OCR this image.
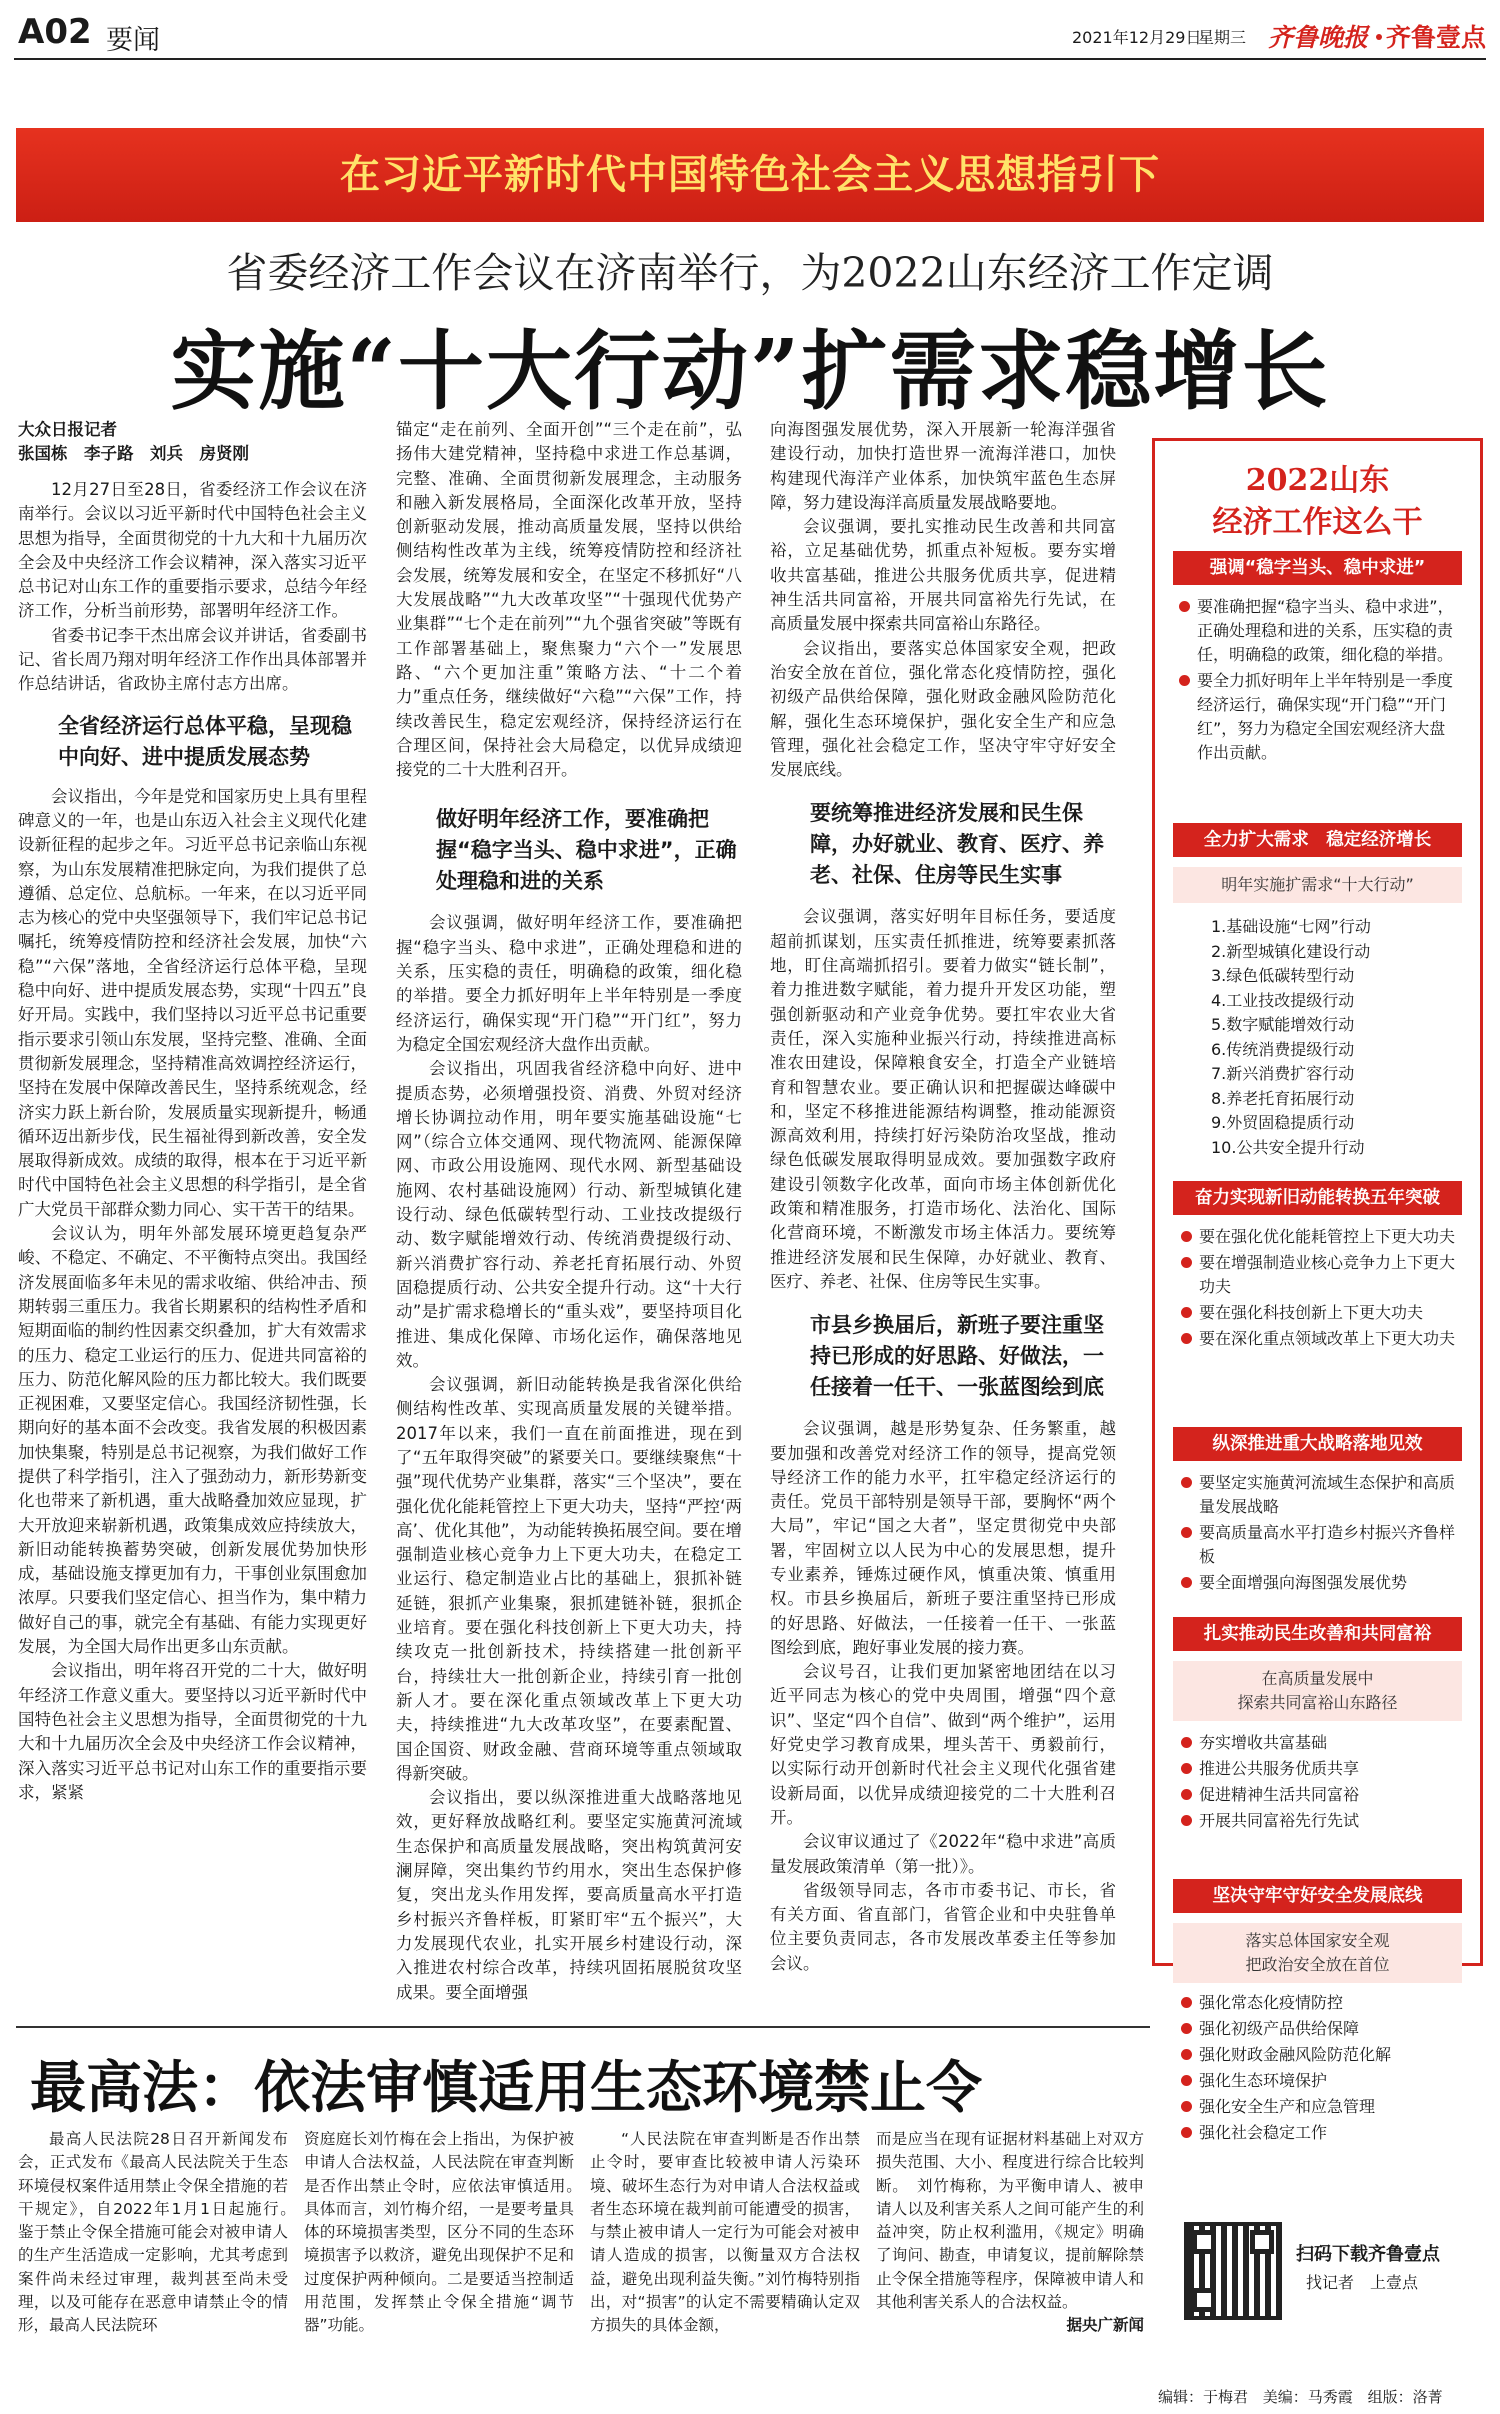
A02 要闻	2021年12月29日
星期三 齐鲁晚报 齐鲁壹点
在习近平新时代中国特色社会主义思想指引下
省委经济工作会议在济南举行，为2022山东经济工作定调
实施“十大行动”扩需求稳增长
大众日报记者
张国栋　李子路　刘兵　房贤刚

12月27日至28日，省委经济工作会议在济南举行。会议以习近平新时代中国特色社会主义思想为指导，全面贯彻党的十九大和十九届历次全会及中央经济工作会议精神，深入落实习近平总书记对山东工作的重要指示要求，总结今年经济工作，分析当前形势，部署明年经济工作。

省委书记李干杰出席会议并讲话，省委副书记、省长周乃翔对明年经济工作作出具体部署并作总结讲话，省政协主席付志方出席。

全省经济运行总体平稳，呈现稳中向好、进中提质发展态势

会议指出，今年是党和国家历史上具有里程碑意义的一年，也是山东迈入社会主义现代化建设新征程的起步之年。习近平总书记亲临山东视察，为山东发展精准把脉定向，为我们提供了总遵循、总定位、总航标。一年来，在以习近平同志为核心的党中央坚强领导下，我们牢记总书记嘱托，统筹疫情防控和经济社会发展，加快“六稳”“六保”落地，全省经济运行总体平稳，呈现稳中向好、进中提质发展态势，实现“十四五”良好开局。实践中，我们坚持以习近平总书记重要指示要求引领山东发展，坚持完整、准确、全面贯彻新发展理念，坚持精准高效调控经济运行，坚持在发展中保障改善民生，坚持系统观念，经济实力跃上新台阶，发展质量实现新提升，畅通循环迈出新步伐，民生福祉得到新改善，安全发展取得新成效。成绩的取得，根本在于习近平新时代中国特色社会主义思想的科学指引，是全省广大党员干部群众勠力同心、实干苦干的结果。

会议认为，明年外部发展环境更趋复杂严峻、不稳定、不确定、不平衡特点突出。我国经济发展面临多年未见的需求收缩、供给冲击、预期转弱三重压力。我省长期累积的结构性矛盾和短期面临的制约性因素交织叠加，扩大有效需求的压力、稳定工业运行的压力、促进共同富裕的压力、防范化解风险的压力都比较大。我们既要正视困难，又要坚定信心。我国经济韧性强，长期向好的基本面不会改变。我省发展的积极因素加快集聚，特别是总书记视察，为我们做好工作提供了科学指引，注入了强劲动力，新形势新变化也带来了新机遇，重大战略叠加效应显现，扩大开放迎来崭新机遇，政策集成效应持续放大，新旧动能转换蓄势突破，创新发展优势加快形成，基础设施支撑更加有力，干事创业氛围愈加浓厚。只要我们坚定信心、担当作为，集中精力做好自己的事，就完全有基础、有能力实现更好发展，为全国大局作出更多山东贡献。

会议指出，明年将召开党的二十大，做好明年经济工作意义重大。要坚持以习近平新时代中国特色社会主义思想为指导，全面贯彻党的十九大和十九届历次全会及中央经济工作会议精神，深入落实习近平总书记对山东工作的重要指示要求，紧紧

锚定“走在前列、全面开创”“三个走在前”，弘扬伟大建党精神，坚持稳中求进工作总基调，完整、准确、全面贯彻新发展理念，主动服务和融入新发展格局，全面深化改革开放，坚持创新驱动发展，推动高质量发展，坚持以供给侧结构性改革为主线，统筹疫情防控和经济社会发展，统筹发展和安全，在坚定不移抓好“八大发展战略”“九大改革攻坚”“十强现代优势产业集群”“七个走在前列”“九个强省突破”等既有工作部署基础上，聚焦聚力“六个一”发展思路、“六个更加注重”策略方法、“十二个着力”重点任务，继续做好“六稳”“六保”工作，持续改善民生，稳定宏观经济，保持经济运行在合理区间，保持社会大局稳定，以优异成绩迎接党的二十大胜利召开。

做好明年经济工作，要准确把握“稳字当头、稳中求进”，正确处理稳和进的关系

会议强调，做好明年经济工作，要准确把握“稳字当头、稳中求进”，正确处理稳和进的关系，压实稳的责任，明确稳的政策，细化稳的举措。要全力抓好明年上半年特别是一季度经济运行，确保实现“开门稳”“开门红”，努力为稳定全国宏观经济大盘作出贡献。

会议指出，巩固我省经济稳中向好、进中提质态势，必须增强投资、消费、外贸对经济增长协调拉动作用，明年要实施基础设施“七网”（综合立体交通网、现代物流网、能源保障网、市政公用设施网、现代水网、新型基础设施网、农村基础设施网）行动、新型城镇化建设行动、绿色低碳转型行动、工业技改提级行动、数字赋能增效行动、传统消费提级行动、新兴消费扩容行动、养老托育拓展行动、外贸固稳提质行动、公共安全提升行动。这“十大行动”是扩需求稳增长的“重头戏”，要坚持项目化推进、集成化保障、市场化运作，确保落地见效。

会议强调，新旧动能转换是我省深化供给侧结构性改革、实现高质量发展的关键举措。2017年以来，我们一直在前面推进，现在到了“五年取得突破”的紧要关口。要继续聚焦“十强”现代优势产业集群，落实“三个坚决”，要在强化优化能耗管控上下更大功夫，坚持“严控‘两高’、优化其他”，为动能转换拓展空间。要在增强制造业核心竞争力上下更大功夫，在稳定工业运行、稳定制造业占比的基础上，狠抓补链延链，狠抓产业集聚，狠抓建链补链，狠抓企业培育。要在强化科技创新上下更大功夫，持续攻克一批创新技术，持续搭建一批创新平台，持续壮大一批创新企业，持续引育一批创新人才。要在深化重点领域改革上下更大功夫，持续推进“九大改革攻坚”，在要素配置、国企国资、财政金融、营商环境等重点领域取得新突破。

会议指出，要以纵深推进重大战略落地见效，更好释放战略红利。要坚定实施黄河流域生态保护和高质量发展战略，突出构筑黄河安澜屏障，突出集约节约用水，突出生态保护修复，突出龙头作用发挥，要高质量高水平打造乡村振兴齐鲁样板，盯紧盯牢“五个振兴”，大力发展现代农业，扎实开展乡村建设行动，深入推进农村综合改革，持续巩固拓展脱贫攻坚成果。要全面增强

向海图强发展优势，深入开展新一轮海洋强省建设行动，加快打造世界一流海洋港口，加快构建现代海洋产业体系，加快筑牢蓝色生态屏障，努力建设海洋高质量发展战略要地。

会议强调，要扎实推动民生改善和共同富裕，立足基础优势，抓重点补短板。要夯实增收共富基础，推进公共服务优质共享，促进精神生活共同富裕，开展共同富裕先行先试，在高质量发展中探索共同富裕山东路径。

会议指出，要落实总体国家安全观，把政治安全放在首位，强化常态化疫情防控，强化初级产品供给保障，强化财政金融风险防范化解，强化生态环境保护，强化安全生产和应急管理，强化社会稳定工作，坚决守牢守好安全发展底线。

要统筹推进经济发展和民生保障，办好就业、教育、医疗、养老、社保、住房等民生实事

会议强调，落实好明年目标任务，要适度超前抓谋划，压实责任抓推进，统筹要素抓落地，盯住高端抓招引。要着力做实“链长制”，着力推进数字赋能，着力提升开发区功能，塑强创新驱动和产业竞争优势。要扛牢农业大省责任，深入实施种业振兴行动，持续推进高标准农田建设，保障粮食安全，打造全产业链培育和智慧农业。要正确认识和把握碳达峰碳中和，坚定不移推进能源结构调整，推动能源资源高效利用，持续打好污染防治攻坚战，推动绿色低碳发展取得明显成效。要加强数字政府建设引领数字化改革，面向市场主体创新优化政策和精准服务，打造市场化、法治化、国际化营商环境，不断激发市场主体活力。要统筹推进经济发展和民生保障，办好就业、教育、医疗、养老、社保、住房等民生实事。

市县乡换届后，新班子要注重坚持已形成的好思路、好做法，一任接着一任干、一张蓝图绘到底

会议强调，越是形势复杂、任务繁重，越要加强和改善党对经济工作的领导，提高党领导经济工作的能力水平，扛牢稳定经济运行的责任。党员干部特别是领导干部，要胸怀“两个大局”，牢记“国之大者”，坚定贯彻党中央部署，牢固树立以人民为中心的发展思想，提升专业素养，锤炼过硬作风，慎重决策、慎重用权。市县乡换届后，新班子要注重坚持已形成的好思路、好做法，一任接着一任干、一张蓝图绘到底，跑好事业发展的接力赛。

会议号召，让我们更加紧密地团结在以习近平同志为核心的党中央周围，增强“四个意识”、坚定“四个自信”、做到“两个维护”，运用好党史学习教育成果，埋头苦干、勇毅前行，以实际行动开创新时代社会主义现代化强省建设新局面，以优异成绩迎接党的二十大胜利召开。

会议审议通过了《2022年“稳中求进”高质量发展政策清单（第一批）》。

省级领导同志，各市市委书记、市长，省有关方面、省直部门，省管企业和中央驻鲁单位主要负责同志，各市发展改革委主任等参加会议。

2022山东
经济工作这么干
强调“稳字当头、稳中求进”
要准确把握“稳字当头、稳中求进”，正确处理稳和进的关系，压实稳的责任，明确稳的政策，细化稳的举措。
要全力抓好明年上半年特别是一季度经济运行，确保实现“开门稳”“开门红”，努力为稳定全国宏观经济大盘作出贡献。
全力扩大需求　稳定经济增长
明年实施扩需求“十大行动”
1.基础设施“七网”行动
2.新型城镇化建设行动
3.绿色低碳转型行动
4.工业技改提级行动
5.数字赋能增效行动
6.传统消费提级行动
7.新兴消费扩容行动
8.养老托育拓展行动
9.外贸固稳提质行动
10.公共安全提升行动
奋力实现新旧动能转换五年突破
要在强化优化能耗管控上下更大功夫
要在增强制造业核心竞争力上下更大功夫
要在强化科技创新上下更大功夫
要在深化重点领域改革上下更大功夫
纵深推进重大战略落地见效
要坚定实施黄河流域生态保护和高质量发展战略
要高质量高水平打造乡村振兴齐鲁样板
要全面增强向海图强发展优势
扎实推动民生改善和共同富裕
在高质量发展中
探索共同富裕山东路径
夯实增收共富基础
推进公共服务优质共享
促进精神生活共同富裕
开展共同富裕先行先试
坚决守牢守好安全发展底线
落实总体国家安全观
把政治安全放在首位
强化常态化疫情防控
强化初级产品供给保障
强化财政金融风险防范化解
强化生态环境保护
强化安全生产和应急管理
强化社会稳定工作
最高法：依法审慎适用生态环境禁止令
最高人民法院28日召开新闻发布会，正式发布《最高人民法院关于生态环境侵权案件适用禁止令保全措施的若干规定》，自2022年1月1日起施行。　鉴于禁止令保全措施可能会对被申请人的生产生活造成一定影响，尤其考虑到案件尚未经过审理，裁判甚至尚未受理，以及可能存在恶意申请禁止令的情形，最高人民法院环
资庭庭长刘竹梅在会上指出，为保护被申请人合法权益，人民法院在审查判断是否作出禁止令时，应依法审慎适用。　具体而言，刘竹梅介绍，一是要考量具体的环境损害类型，区分不同的生态环境损害予以救济，避免出现保护不足和过度保护两种倾向。二是要适当控制适用范围，发挥禁止令保全措施“调节器”功能。
“人民法院在审查判断是否作出禁止令时，要审查比较被申请人污染环境、破坏生态行为对申请人合法权益或者生态环境在裁判前可能遭受的损害，与禁止被申请人一定行为可能会对被申请人造成的损害，以衡量双方合法权益，避免出现利益失衡。”刘竹梅特别指出，对“损害”的认定不需要精确认定双方损失的具体金额，
而是应当在现有证据材料基础上对双方损失范围、大小、程度进行综合比较判断。　刘竹梅称，为平衡申请人、被申请人以及利害关系人之间可能产生的利益冲突，防止权利滥用，《规定》明确了询问、勘查，申请复议，提前解除禁止令保全措施等程序，保障被申请人和其他利害关系人的合法权益。
据央广新闻
扫码下载齐鲁壹点
找记者　上壹点
编辑：于梅君 美编：马秀霞 组版：洛菁
